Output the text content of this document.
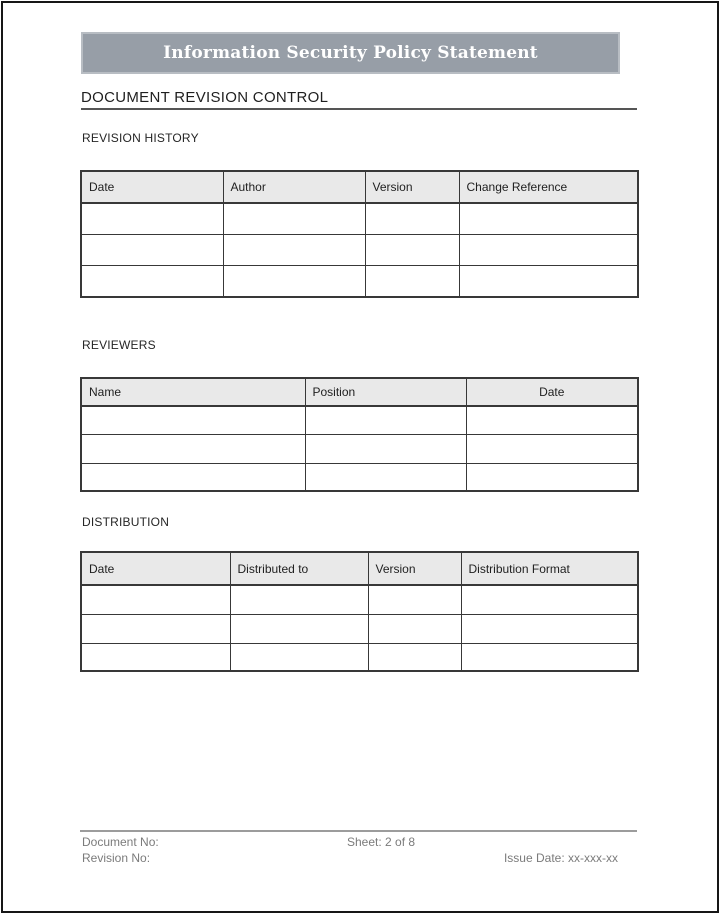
Information Security Policy Statement
DOCUMENT REVISION CONTROL
REVISION HISTORY
Date	Author	Version	Change Reference

REVIEWERS
Name	Position	Date

DISTRIBUTION
Date	Distributed to	Version	Distribution Format

Document No:	Sheet: 2 of 8
Revision No:	Issue Date: xx-xxx-xx
